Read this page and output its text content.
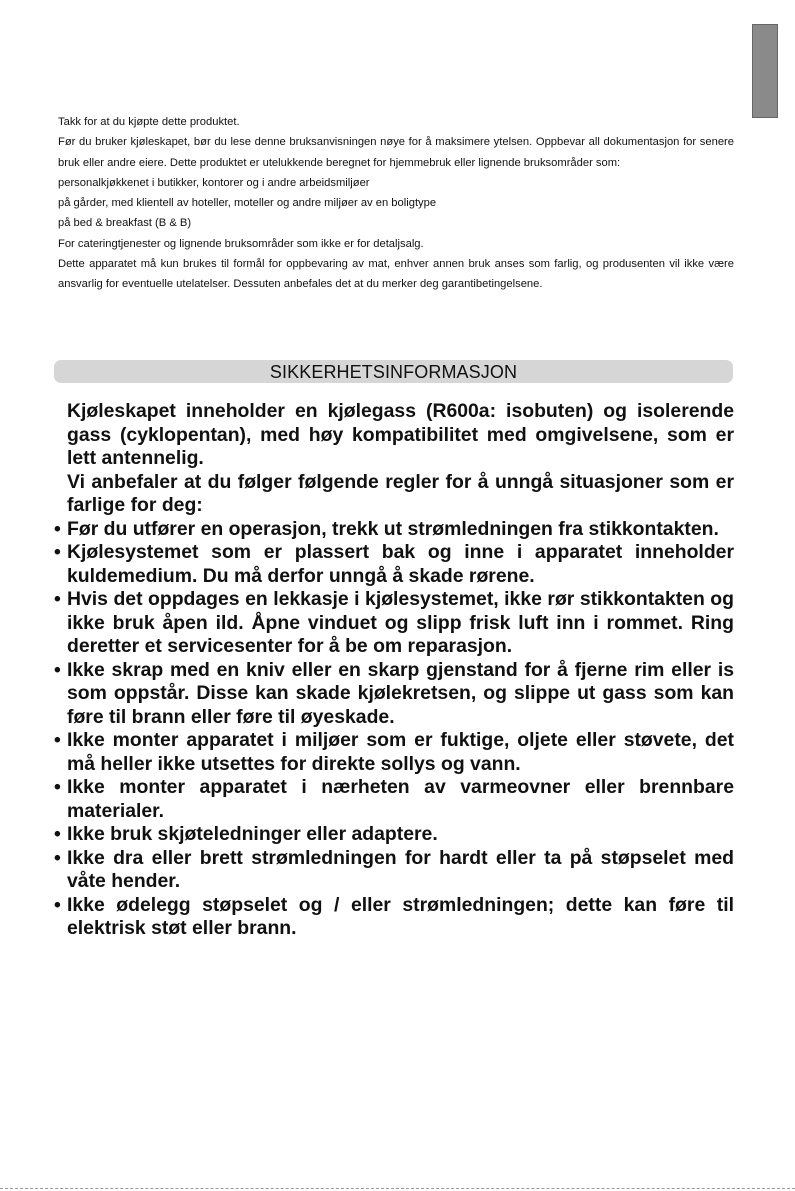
Takk for at du kjøpte dette produktet.

Før du bruker kjøleskapet, bør du lese denne bruksanvisningen nøye for å maksimere ytelsen. Oppbevar all dokumentasjon for senere bruk eller andre eiere. Dette produktet er utelukkende beregnet for hjemmebruk eller lignende bruksområder som:

personalkjøkkenet i butikker, kontorer og i andre arbeidsmiljøer

på gårder, med klientell av hoteller, moteller og andre miljøer av en boligtype

på bed & breakfast (B & B)

For cateringtjenester og lignende bruksområder som ikke er for detaljsalg.

Dette apparatet må kun brukes til formål for oppbevaring av mat, enhver annen bruk anses som farlig, og produsenten vil ikke være ansvarlig for eventuelle utelatelser. Dessuten anbefales det at du merker deg garantibetingelsene.

SIKKERHETSINFORMASJON

Kjøleskapet inneholder en kjølegass (R600a: isobuten) og isolerende gass (cyklopentan), med høy kompatibilitet med omgivelsene, som er lett antennelig.

Vi anbefaler at du følger følgende regler for å unngå situasjoner som er farlige for deg:

• Før du utfører en operasjon, trekk ut strømledningen fra stikkontakten.
• Kjølesystemet som er plassert bak og inne i apparatet inneholder kuldemedium. Du må derfor unngå å skade rørene.
• Hvis det oppdages en lekkasje i kjølesystemet, ikke rør stikkontakten og ikke bruk åpen ild. Åpne vinduet og slipp frisk luft inn i rommet. Ring deretter et servicesenter for å be om reparasjon.
• Ikke skrap med en kniv eller en skarp gjenstand for å fjerne rim eller is som oppstår. Disse kan skade kjølekretsen, og slippe ut gass som kan føre til brann eller føre til øyeskade.
• Ikke monter apparatet i miljøer som er fuktige, oljete eller støvete, det må heller ikke utsettes for direkte sollys og vann.
• Ikke monter apparatet i nærheten av varmeovner eller brennbare materialer.
• Ikke bruk skjøteledninger eller adaptere.
• Ikke dra eller brett strømledningen for hardt eller ta på støpselet med våte hender.
• Ikke ødelegg støpselet og / eller strømledningen; dette kan føre til elektrisk støt eller brann.
